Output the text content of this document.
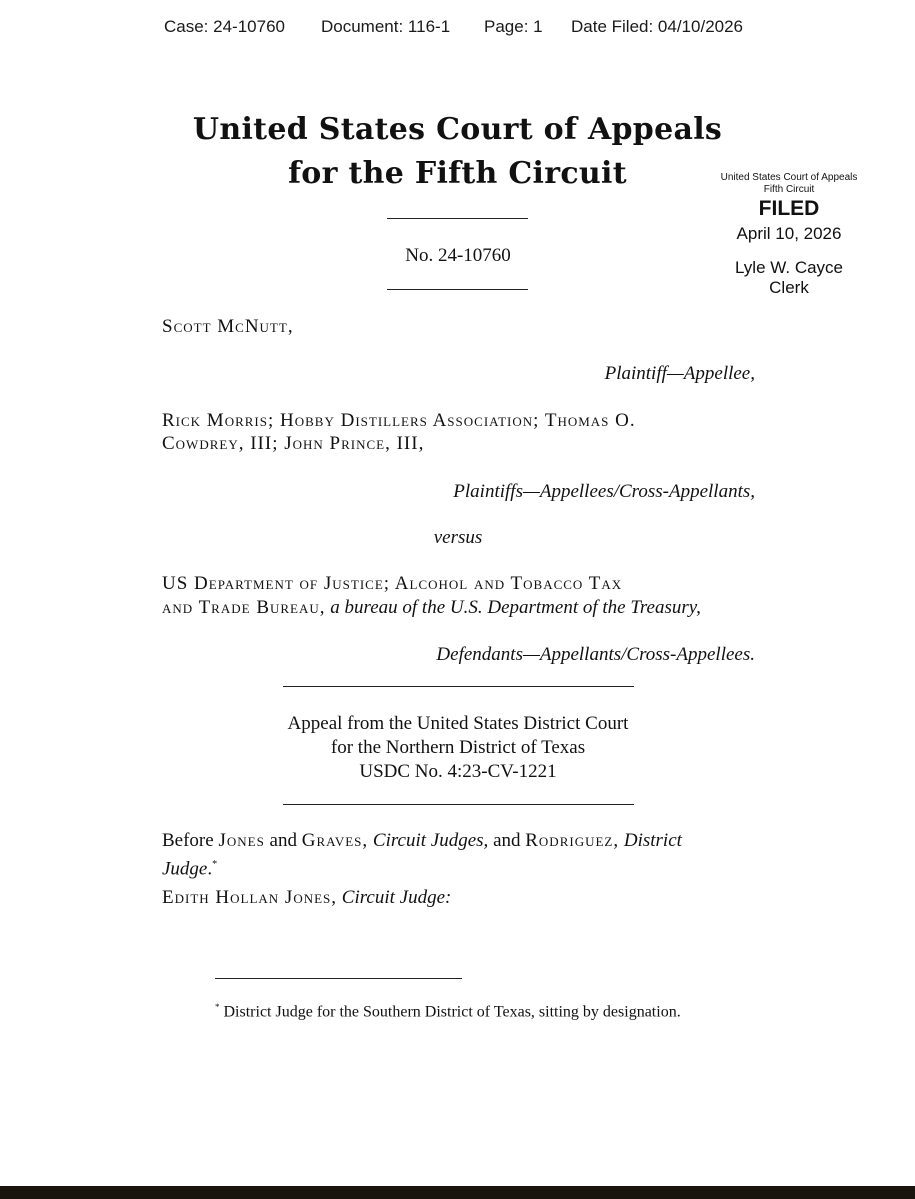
Case: 24-10760 Document: 116-1 Page: 1 Date Filed: 04/10/2026
United States Court of Appeals
for the Fifth Circuit	United States Court of Appeals
Fifth Circuit
FILED
April 10, 2026
Lyle W. Cayce
Clerk
No. 24-10760
Scott McNutt,
Plaintiff—Appellee,
Rick Morris; Hobby Distillers Association; Thomas O.
Cowdrey, III; John Prince, III,
Plaintiffs—Appellees/Cross-Appellants,
versus
US Department of Justice; Alcohol and Tobacco Tax
and Trade Bureau, a bureau of the U.S. Department of the Treasury,
Defendants—Appellants/Cross-Appellees.
Appeal from the United States District Court
for the Northern District of Texas
USDC No. 4:23-CV-1221
Before Jones and Graves, Circuit Judges, and Rodriguez, District
Judge.*
Edith Hollan Jones, Circuit Judge:
* District Judge for the Southern District of Texas, sitting by designation.
